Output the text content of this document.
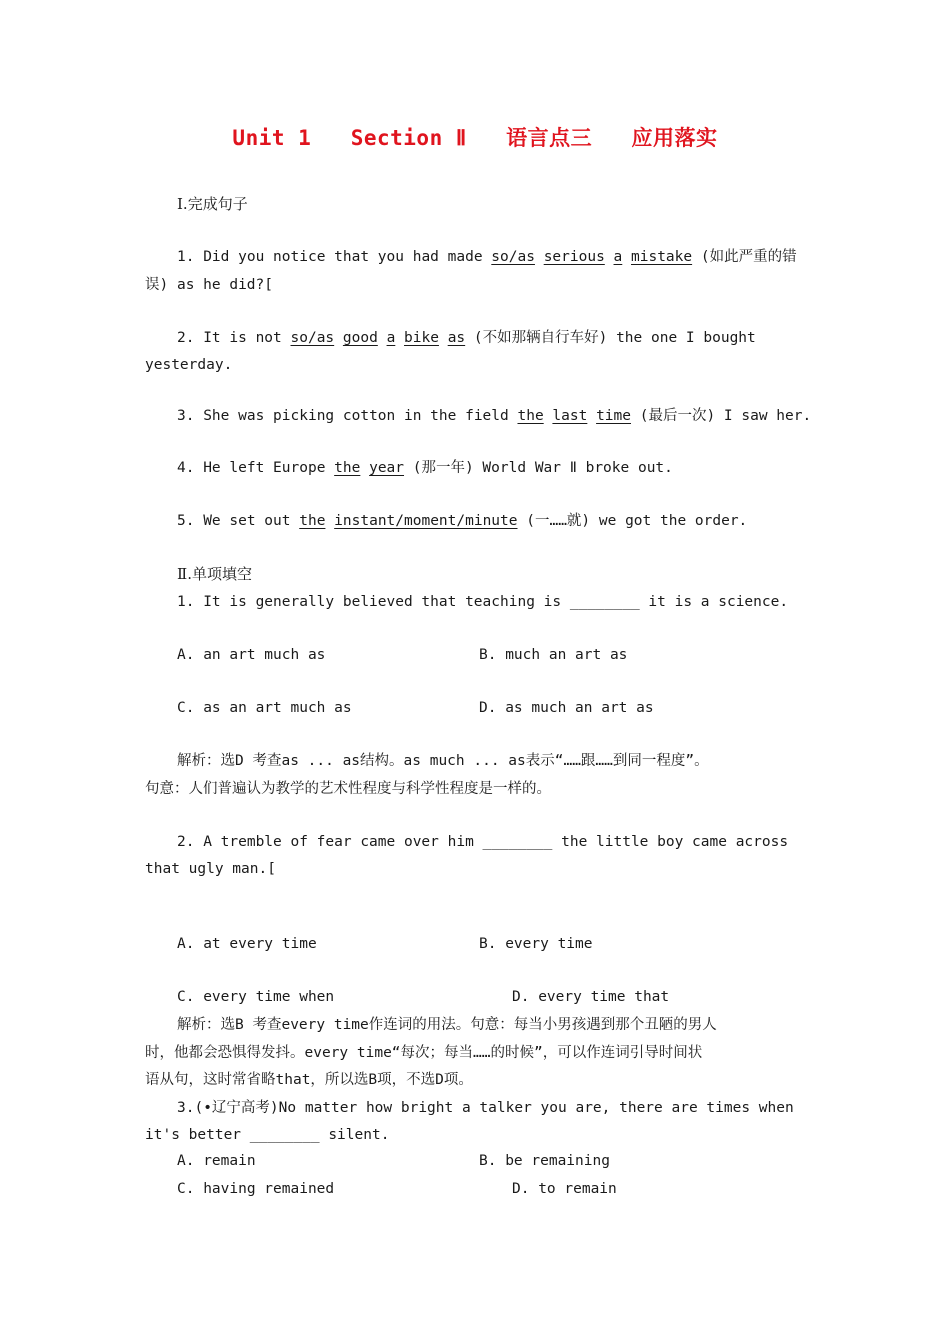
Unit 1   Section Ⅱ   语言点三   应用落实
Ⅰ.完成句子
1. Did you notice that you had made so/as serious a mistake (如此严重的错
误) as he did?[
2. It is not so/as good a bike as (不如那辆自行车好) the one I bought
yesterday.
3. She was picking cotton in the field the last time (最后一次) I saw her.
4. He left Europe the year (那一年) World War Ⅱ broke out.
5. We set out the instant/moment/minute (一……就) we got the order.
Ⅱ.单项填空
1. It is generally believed that teaching is ________ it is a science.
A. an art much as	B. much an art as
C. as an art much as	D. as much an art as
解析：选D 考查as ... as结构。as much ... as表示“……跟……到同一程度”。
句意：人们普遍认为教学的艺术性程度与科学性程度是一样的。
2. A tremble of fear came over him ________ the little boy came across
that ugly man.[
A. at every time	B. every time
C. every time when	D. every time that
解析：选B 考查every time作连词的用法。句意：每当小男孩遇到那个丑陋的男人
时，他都会恐惧得发抖。every time“每次；每当……的时候”，可以作连词引导时间状
语从句，这时常省略that，所以选B项，不选D项。
3.(•辽宁高考)No matter how bright a talker you are, there are times when
it's better ________ silent.
A. remain	B. be remaining
C. having remained	D. to remain
